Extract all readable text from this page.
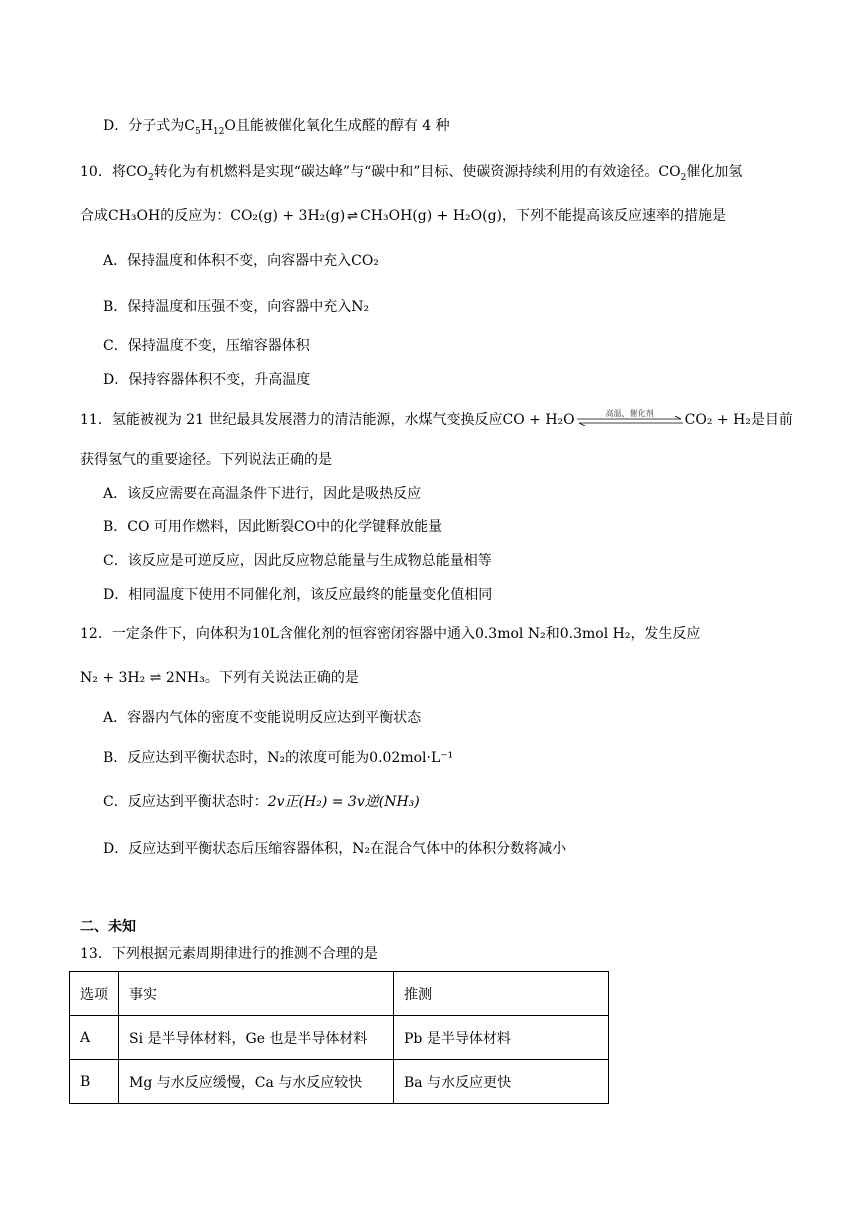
D．分子式为$C_5H_{12}O$且能被催化氧化生成醛的醇有 4 种
10．将$CO_2$转化为有机燃料是实现“碳达峰”与“碳中和”目标、使碳资源持续利用的有效途径。$CO_2$催化加氢
合成CH₃OH的反应为：CO₂(g) + 3H₂(g) ⇌ CH₃OH(g) + H₂O(g)，下列不能提高该反应速率的措施是
A．保持温度和体积不变，向容器中充入CO₂
B．保持温度和压强不变，向容器中充入N₂
C．保持温度不变，压缩容器体积
D．保持容器体积不变，升高温度
11．氢能被视为 21 世纪最具发展潜力的清洁能源，水煤气变换反应CO + H₂O	高温、催化剂	CO₂ + H₂是目前
获得氢气的重要途径。下列说法正确的是
A．该反应需要在高温条件下进行，因此是吸热反应
B．CO 可用作燃料，因此断裂CO中的化学键释放能量
C．该反应是可逆反应，因此反应物总能量与生成物总能量相等
D．相同温度下使用不同催化剂，该反应最终的能量变化值相同
12．一定条件下，向体积为10L含催化剂的恒容密闭容器中通入0.3mol N₂和0.3mol H₂，发生反应
N₂ + 3H₂ ⇌ 2NH₃。下列有关说法正确的是
A．容器内气体的密度不变能说明反应达到平衡状态
B．反应达到平衡状态时，N₂的浓度可能为0.02mol·L⁻¹
C．反应达到平衡状态时：2v正(H₂) = 3v逆(NH₃)
D．反应达到平衡状态后压缩容器体积，N₂在混合气体中的体积分数将减小
二、未知
13．下列根据元素周期律进行的推测不合理的是
选项	事实	推测
A	Si 是半导体材料，Ge 也是半导体材料	Pb 是半导体材料
B	Mg 与水反应缓慢，Ca 与水反应较快	Ba 与水反应更快
